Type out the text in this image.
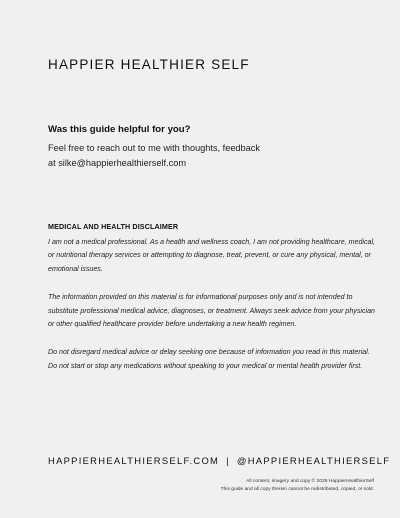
HAPPIER HEALTHIER SELF

Was this guide helpful for you?

Feel free to reach out to me with thoughts, feedback

at silke@happierhealthierself.com

MEDICAL AND HEALTH DISCLAIMER

I am not a medical professional. As a health and wellness coach, I am not providing healthcare, medical, or nutritional therapy services or attempting to diagnose, treat, prevent, or cure any physical, mental, or emotional issues.

The information provided on this material is for informational purposes only and is not intended to substitute professional medical advice, diagnoses, or treatment. Always seek advice from your physician or other qualified healthcare provider before undertaking a new health regimen.

Do not disregard medical advice or delay seeking one because of information you read in this material. Do not start or stop any medications without speaking to your medical or mental health provider first.

HAPPIERHEALTHIERSELF.COM | @HAPPIERHEALTHIERSELF
All content, imagery and copy © 2025 HappierHealthierSelf
This guide and all copy therein cannot be redistributed, copied, or sold.
